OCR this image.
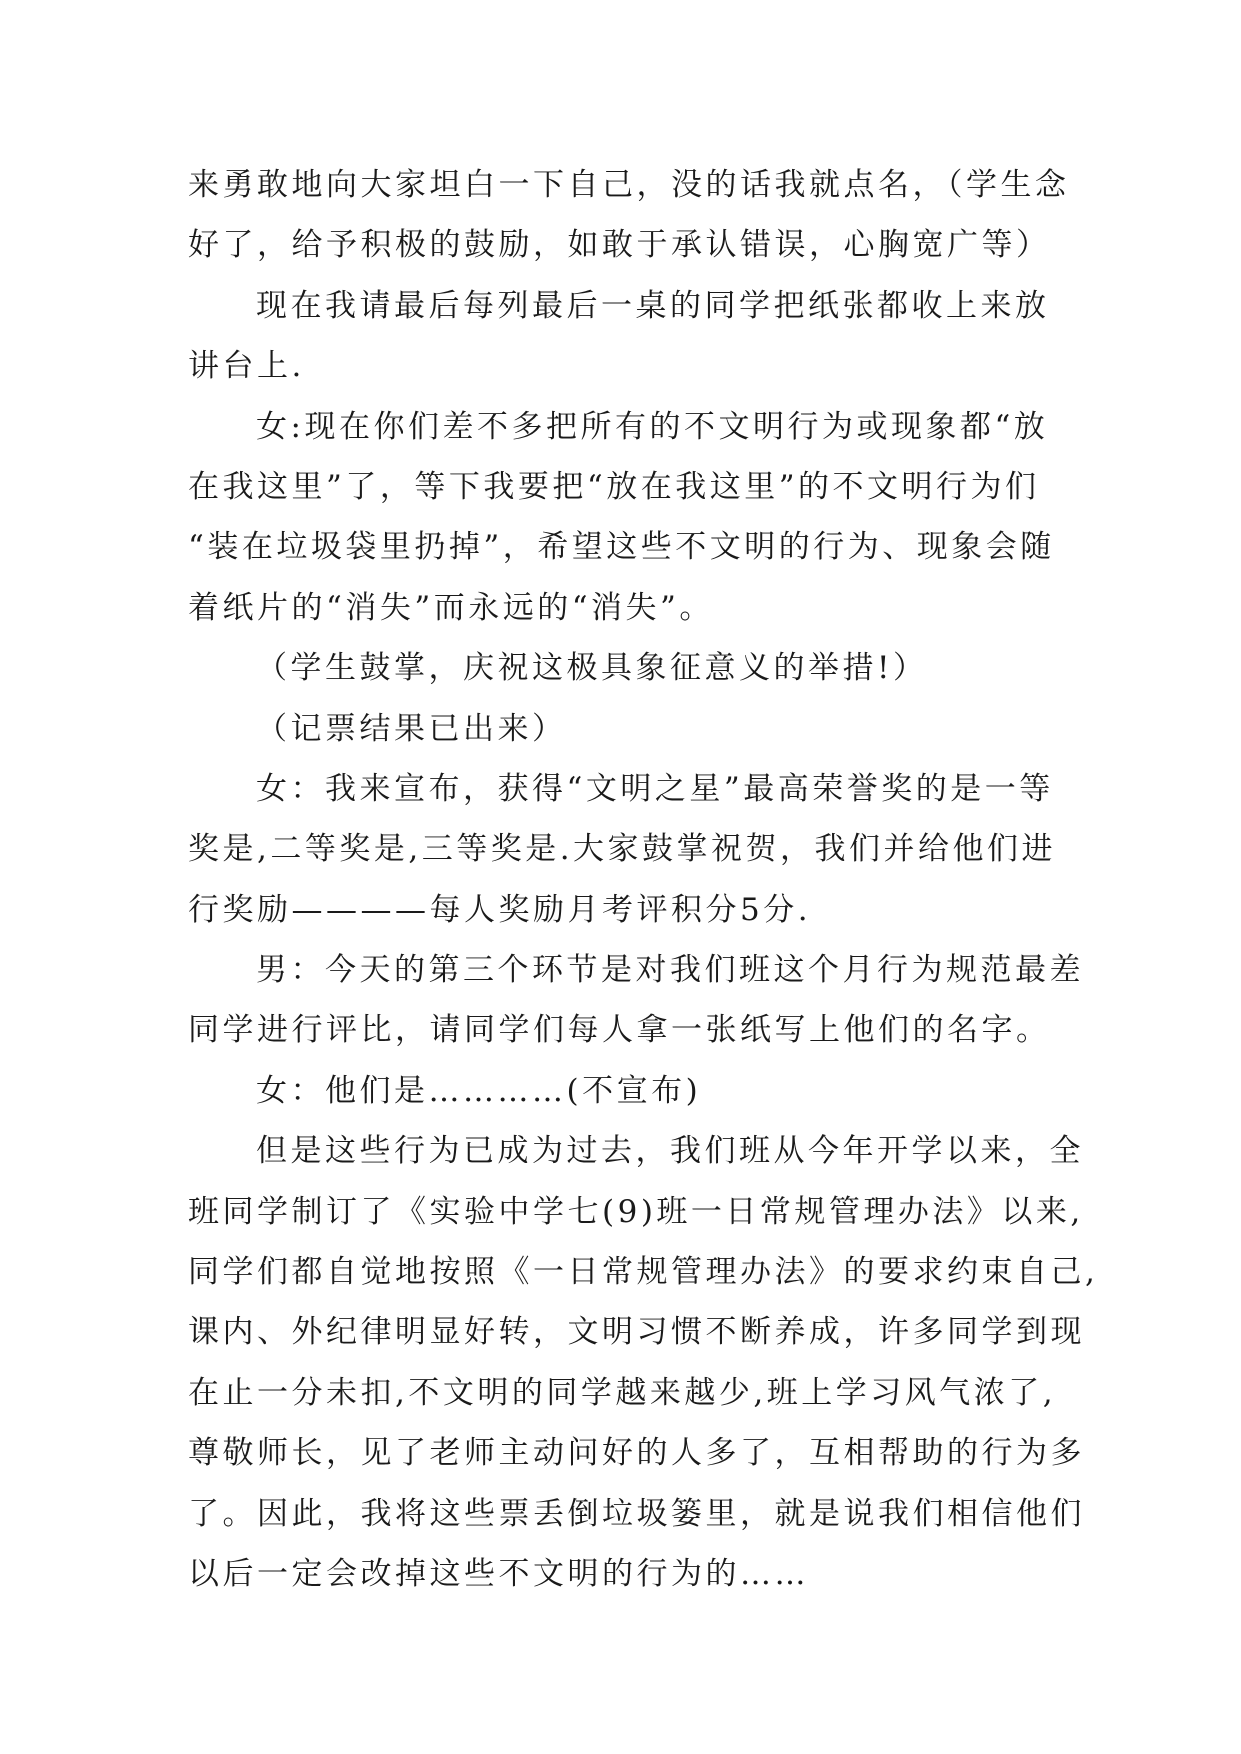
来勇敢地向大家坦白一下自己，没的话我就点名，（学生念
好了，给予积极的鼓励，如敢于承认错误，心胸宽广等）
现在我请最后每列最后一桌的同学把纸张都收上来放
讲台上.
女:现在你们差不多把所有的不文明行为或现象都“放
在我这里”了，等下我要把“放在我这里”的不文明行为们
“装在垃圾袋里扔掉”，希望这些不文明的行为、现象会随
着纸片的“消失”而永远的“消失”。
（学生鼓掌，庆祝这极具象征意义的举措!）
（记票结果已出来）
女：我来宣布，获得“文明之星”最高荣誉奖的是一等
奖是,二等奖是,三等奖是.大家鼓掌祝贺，我们并给他们进
行奖励————每人奖励月考评积分5分.
男：今天的第三个环节是对我们班这个月行为规范最差
同学进行评比，请同学们每人拿一张纸写上他们的名字。
女：他们是…………(不宣布)
但是这些行为已成为过去，我们班从今年开学以来，全
班同学制订了《实验中学七(9)班一日常规管理办法》以来,
同学们都自觉地按照《一日常规管理办法》的要求约束自己,
课内、外纪律明显好转，文明习惯不断养成，许多同学到现
在止一分未扣,不文明的同学越来越少,班上学习风气浓了,
尊敬师长，见了老师主动问好的人多了，互相帮助的行为多
了。因此，我将这些票丢倒垃圾篓里，就是说我们相信他们
以后一定会改掉这些不文明的行为的……
